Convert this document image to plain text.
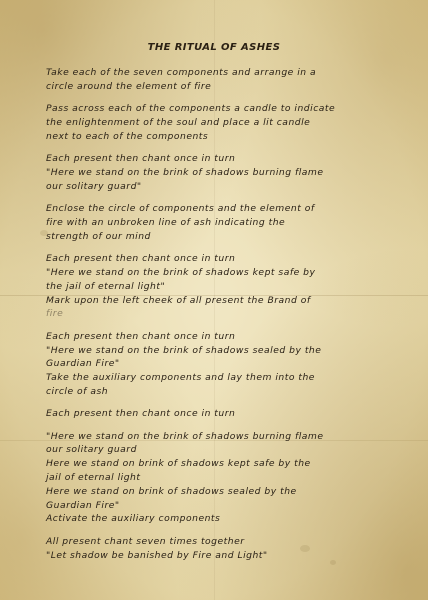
THE RITUAL OF ASHES
Take each of the seven components and arrange in a
circle around the element of fire
Pass across each of the components a candle to indicate
the enlightenment of the soul and place a lit candle
next to each of the components
Each present then chant once in turn
"Here we stand on the brink of shadows burning flame
our solitary guard"
Enclose the circle of components and the element of
fire with an unbroken line of ash indicating the
strength of our mind
Each present then chant once in turn
"Here we stand on the brink of shadows kept safe by
the jail of eternal light"
Mark upon the left cheek of all present the Brand of
fire
Each present then chant once in turn
"Here we stand on the brink of shadows sealed by the
Guardian Fire"
Take the auxiliary components and lay them into the
circle of ash
Each present then chant once in turn
"Here we stand on the brink of shadows burning flame
our solitary guard
Here we stand on brink of shadows kept safe by the
jail of eternal light
Here we stand on brink of shadows sealed by the
Guardian Fire"
Activate the auxiliary components
All present chant seven times together
"Let shadow be banished by Fire and Light"
